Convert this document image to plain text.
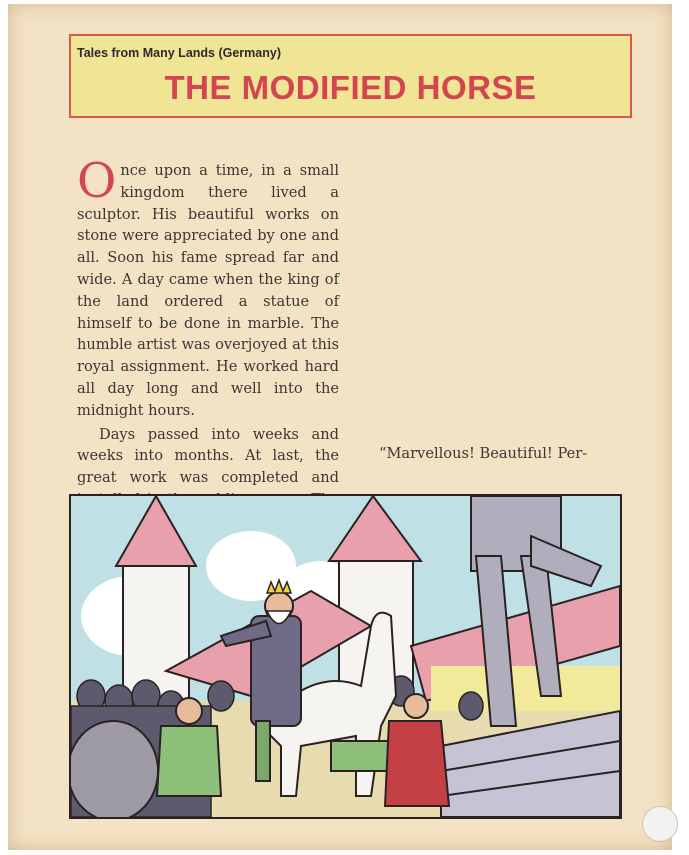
Tales from Many Lands (Germany)
THE MODIFIED HORSE

Once upon a time, in a small kingdom there lived a sculptor. His beautiful works on stone were appreciated by one and all. Soon his fame spread far and wide. A day came when the king of the land ordered a statue of himself to be done in marble. The humble artist was overjoyed at this royal assignment. He worked hard all day long and well into the midnight hours.

Days passed into weeks and weeks into months. At last, the great work was completed and

“Marvellous! Beautiful! Per-
